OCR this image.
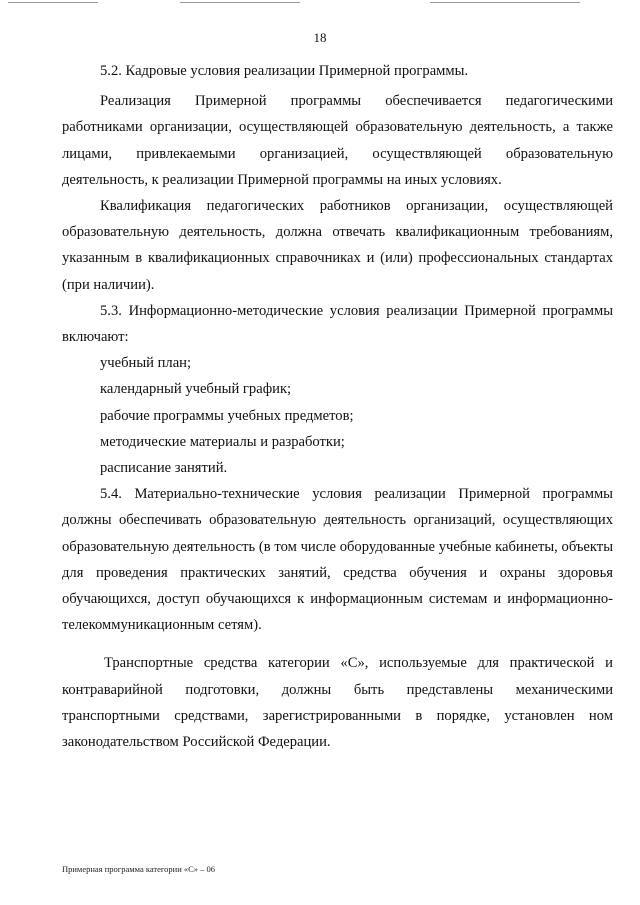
18

5.2. Кадровые условия реализации Примерной программы.

Реализация Примерной программы обеспечивается педагогическими работниками организации, осуществляющей образовательную деятельность, а также лицами, привлекаемыми организацией, осуществляющей образовательную деятельность, к реализации Примерной программы на иных условиях.

Квалификация педагогических работников организации, осуществляющей образовательную деятельность, должна отвечать квалификационным требованиям, указанным в квалификационных справочниках и (или) профессиональных стандартах (при наличии).

5.3. Информационно-методические условия реализации Примерной программы включают:

учебный план;

календарный учебный график;

рабочие программы учебных предметов;

методические материалы и разработки;

расписание занятий.

5.4. Материально-технические условия реализации Примерной программы должны обеспечивать образовательную деятельность организаций, осуществляющих образовательную деятельность (в том числе оборудованные учебные кабинеты, объекты для проведения практических занятий, средства обучения и охраны здоровья обучающихся, доступ обучающихся к информационным системам и информационно-телекоммуникационным сетям).

Транспортные средства категории «С», используемые для практической и контраварийной подготовки, должны быть представлены механическими транспортными средствами, зарегистрированными в порядке, установлен ном законодательством Российской Федерации.

Примерная программа категории «С» – 06
